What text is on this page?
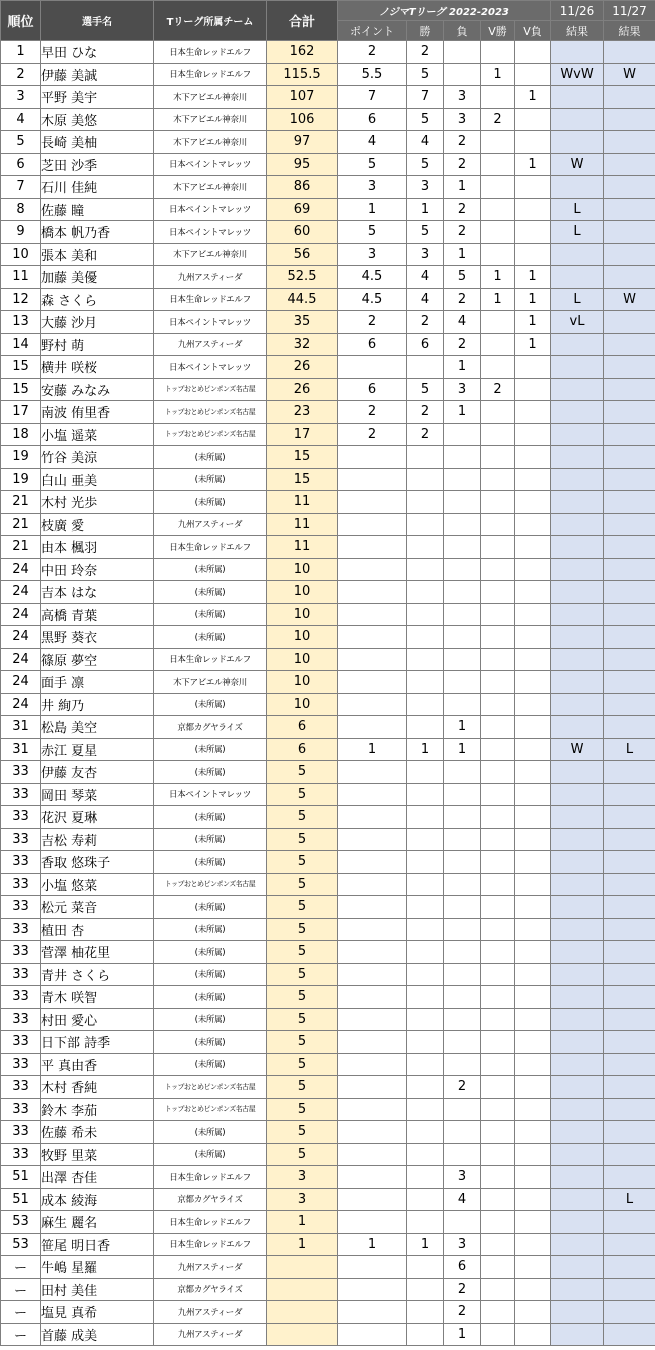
順位	選手名	Tリーグ所属チーム	合計	ノジマTリーグ 2022-2023					11/26	11/27
				ポイント	勝	負	V勝	V負	結果	結果
1	早田 ひな	日本生命レッドエルフ	162	2	2					
2	伊藤 美誠	日本生命レッドエルフ	115.5	5.5	5		1		WvW	W
3	平野 美宇	木下アビエル神奈川	107	7	7	3		1		
4	木原 美悠	木下アビエル神奈川	106	6	5	3	2			
5	長崎 美柚	木下アビエル神奈川	97	4	4	2				
6	芝田 沙季	日本ペイントマレッツ	95	5	5	2		1	W	
7	石川 佳純	木下アビエル神奈川	86	3	3	1				
8	佐藤 瞳	日本ペイントマレッツ	69	1	1	2			L	
9	橋本 帆乃香	日本ペイントマレッツ	60	5	5	2			L	
10	張本 美和	木下アビエル神奈川	56	3	3	1				
11	加藤 美優	九州アスティーダ	52.5	4.5	4	5	1	1		
12	森 さくら	日本生命レッドエルフ	44.5	4.5	4	2	1	1	L	W
13	大藤 沙月	日本ペイントマレッツ	35	2	2	4		1	vL	
14	野村 萌	九州アスティーダ	32	6	6	2		1		
15	横井 咲桜	日本ペイントマレッツ	26			1				
15	安藤 みなみ	トップおとめピンポンズ名古屋	26	6	5	3	2			
17	南波 侑里香	トップおとめピンポンズ名古屋	23	2	2	1				
18	小塩 遥菜	トップおとめピンポンズ名古屋	17	2	2					
19	竹谷 美涼	(未所属)	15							
19	白山 亜美	(未所属)	15							
21	木村 光歩	(未所属)	11							
21	枝廣 愛	九州アスティーダ	11							
21	由本 楓羽	日本生命レッドエルフ	11							
24	中田 玲奈	(未所属)	10							
24	吉本 はな	(未所属)	10							
24	高橋 青葉	(未所属)	10							
24	黒野 葵衣	(未所属)	10							
24	篠原 夢空	日本生命レッドエルフ	10							
24	面手 凛	木下アビエル神奈川	10							
24	井 絢乃	(未所属)	10							
31	松島 美空	京都カグヤライズ	6			1				
31	赤江 夏星	(未所属)	6	1	1	1			W	L
33	伊藤 友杏	(未所属)	5							
33	岡田 琴菜	日本ペイントマレッツ	5							
33	花沢 夏琳	(未所属)	5							
33	吉松 寿莉	(未所属)	5							
33	香取 悠珠子	(未所属)	5							
33	小塩 悠菜	トップおとめピンポンズ名古屋	5							
33	松元 菜音	(未所属)	5							
33	植田 杏	(未所属)	5							
33	菅澤 柚花里	(未所属)	5							
33	青井 さくら	(未所属)	5							
33	青木 咲智	(未所属)	5							
33	村田 愛心	(未所属)	5							
33	日下部 詩季	(未所属)	5							
33	平 真由香	(未所属)	5							
33	木村 香純	トップおとめピンポンズ名古屋	5			2				
33	鈴木 李茄	トップおとめピンポンズ名古屋	5							
33	佐藤 希未	(未所属)	5							
33	牧野 里菜	(未所属)	5							
51	出澤 杏佳	日本生命レッドエルフ	3			3				
51	成本 綾海	京都カグヤライズ	3			4				L
53	麻生 麗名	日本生命レッドエルフ	1							
53	笹尾 明日香	日本生命レッドエルフ	1	1	1	3				
ー	牛嶋 星羅	九州アスティーダ				6				
ー	田村 美佳	京都カグヤライズ				2				
ー	塩見 真希	九州アスティーダ				2				
ー	首藤 成美	九州アスティーダ				1				
